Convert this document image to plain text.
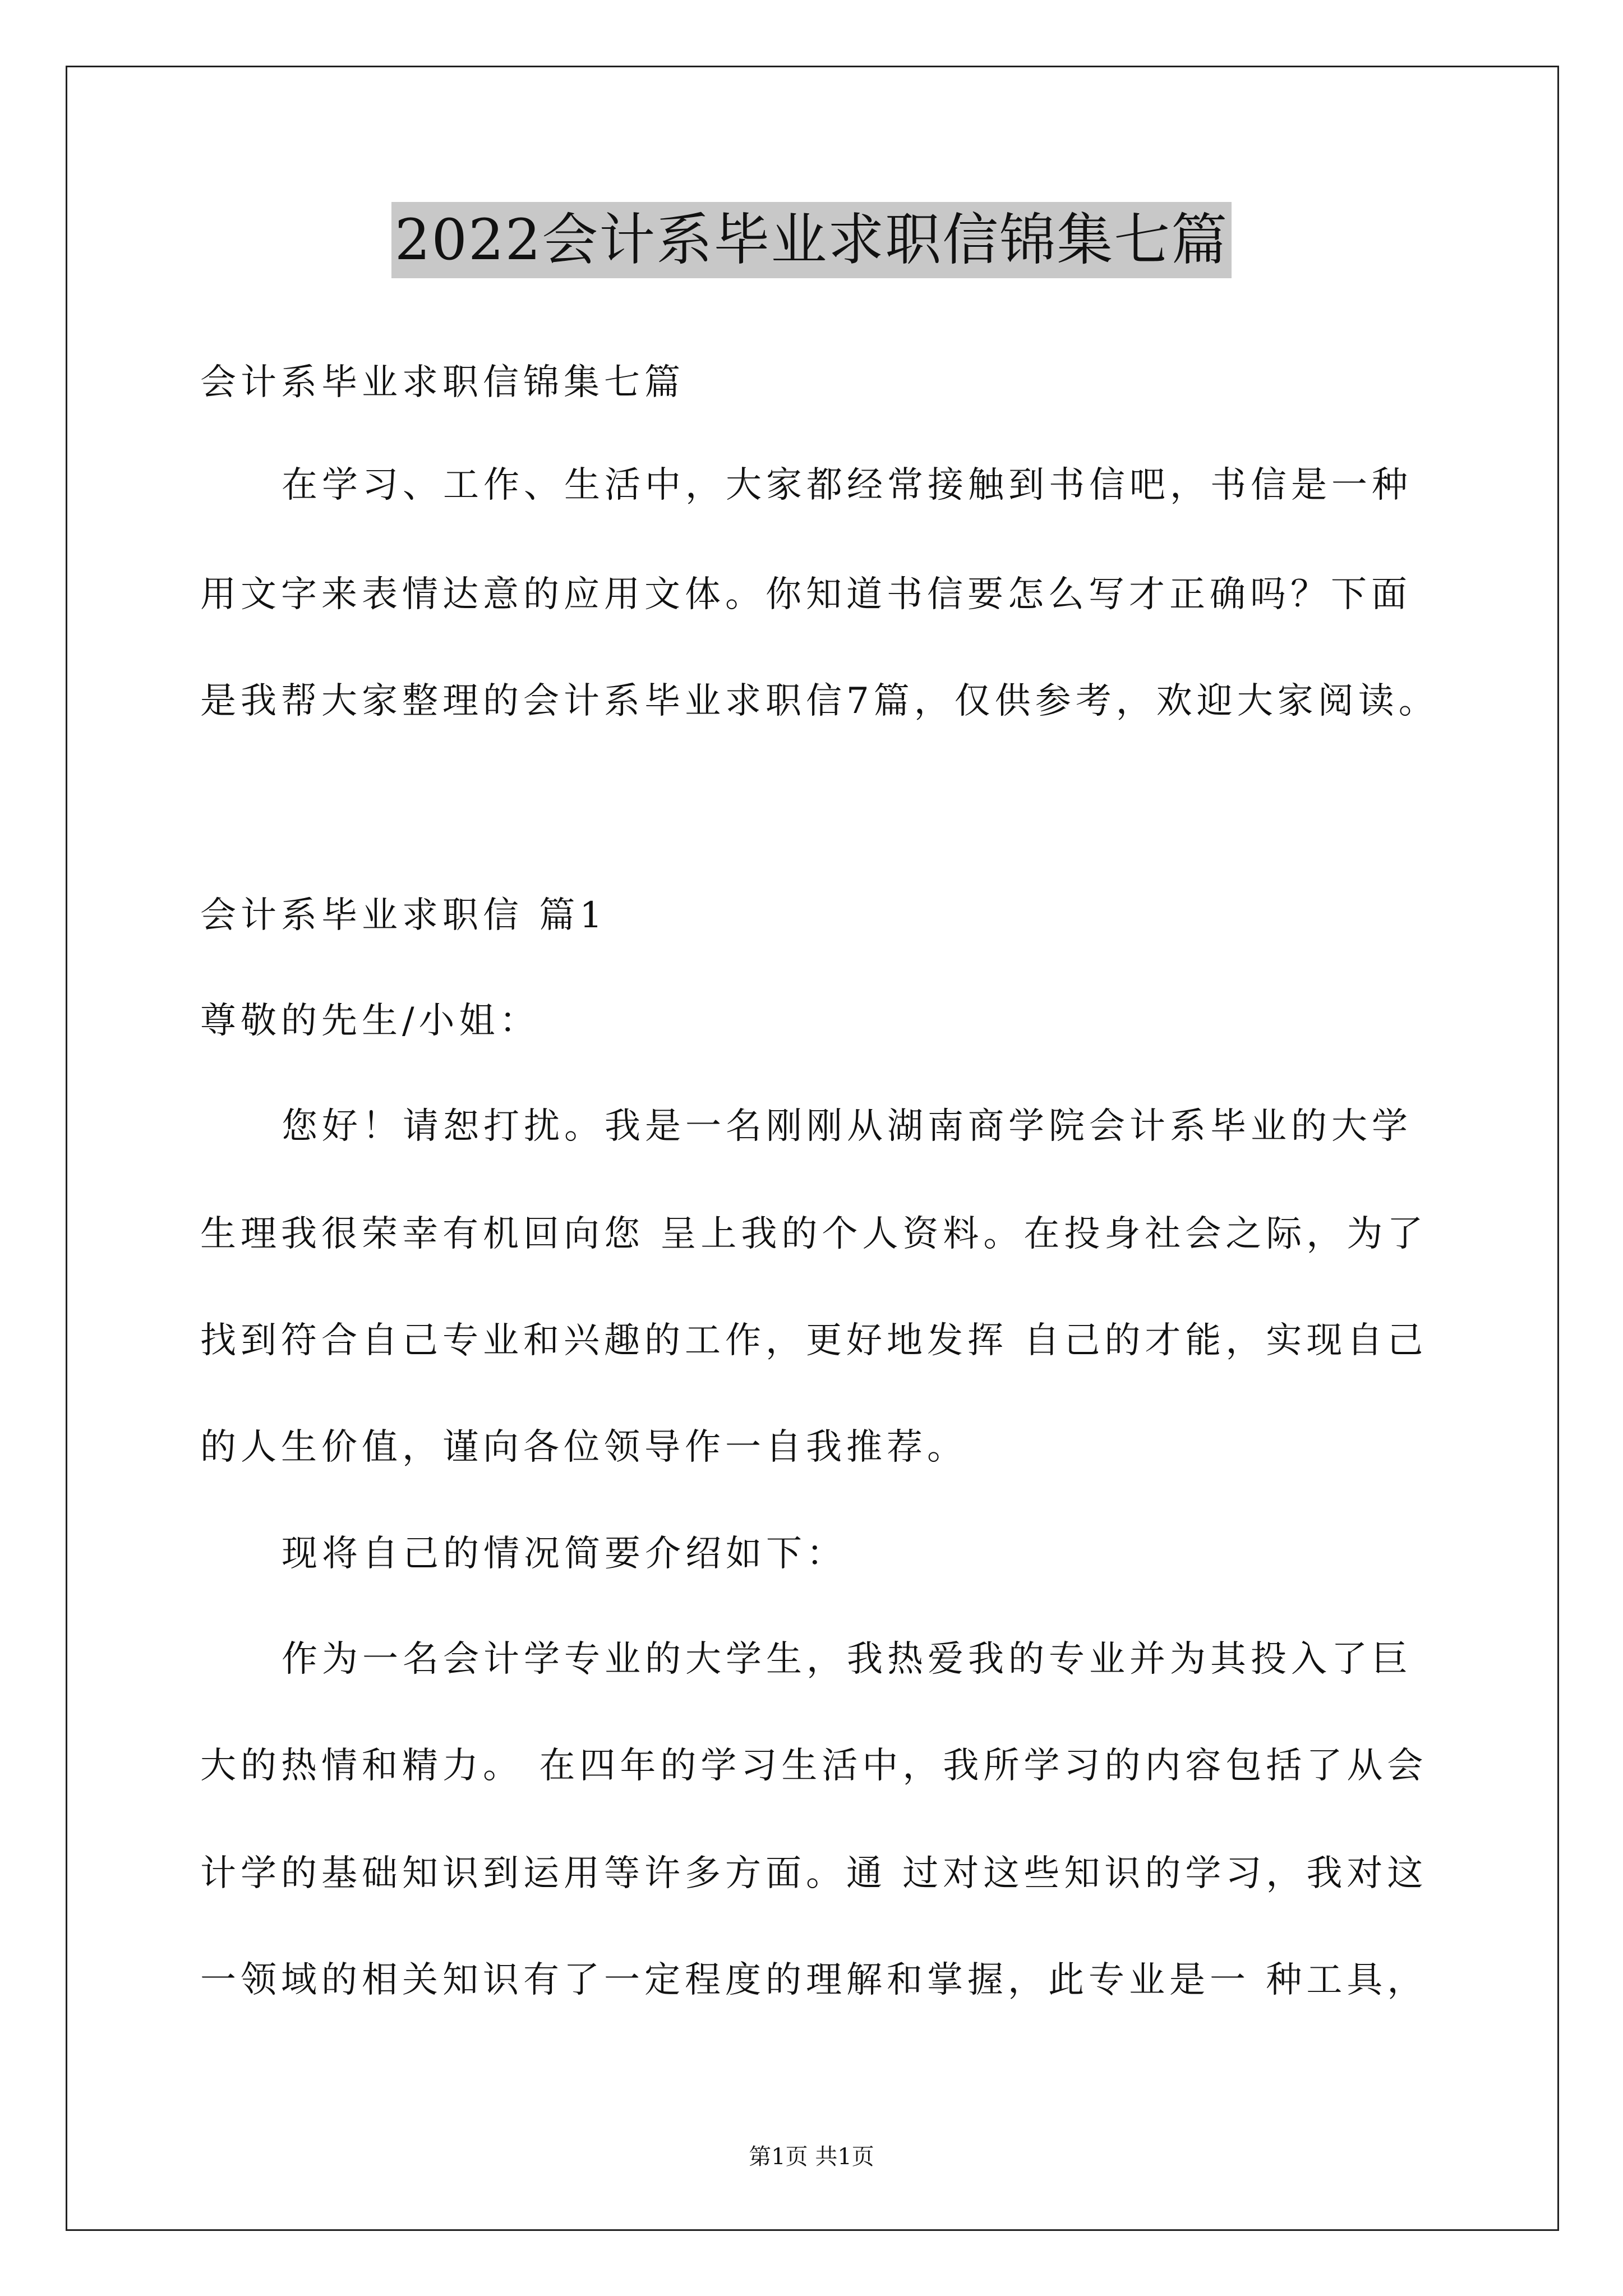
2022会计系毕业求职信锦集七篇
会计系毕业求职信锦集七篇
在学习、工作、生活中，大家都经常接触到书信吧，书信是一种
用文字来表情达意的应用文体。你知道书信要怎么写才正确吗？下面
是我帮大家整理的会计系毕业求职信7篇，仅供参考，欢迎大家阅读。
会计系毕业求职信 篇1
尊敬的先生/小姐：
您好！请恕打扰。我是一名刚刚从湖南商学院会计系毕业的大学
生理我很荣幸有机回向您 呈上我的个人资料。在投身社会之际，为了
找到符合自己专业和兴趣的工作，更好地发挥 自己的才能，实现自己
的人生价值，谨向各位领导作一自我推荐。
现将自己的情况简要介绍如下：
作为一名会计学专业的大学生，我热爱我的专业并为其投入了巨
大的热情和精力。 在四年的学习生活中，我所学习的内容包括了从会
计学的基础知识到运用等许多方面。通 过对这些知识的学习，我对这
一领域的相关知识有了一定程度的理解和掌握，此专业是一 种工具，
第1页 共1页
